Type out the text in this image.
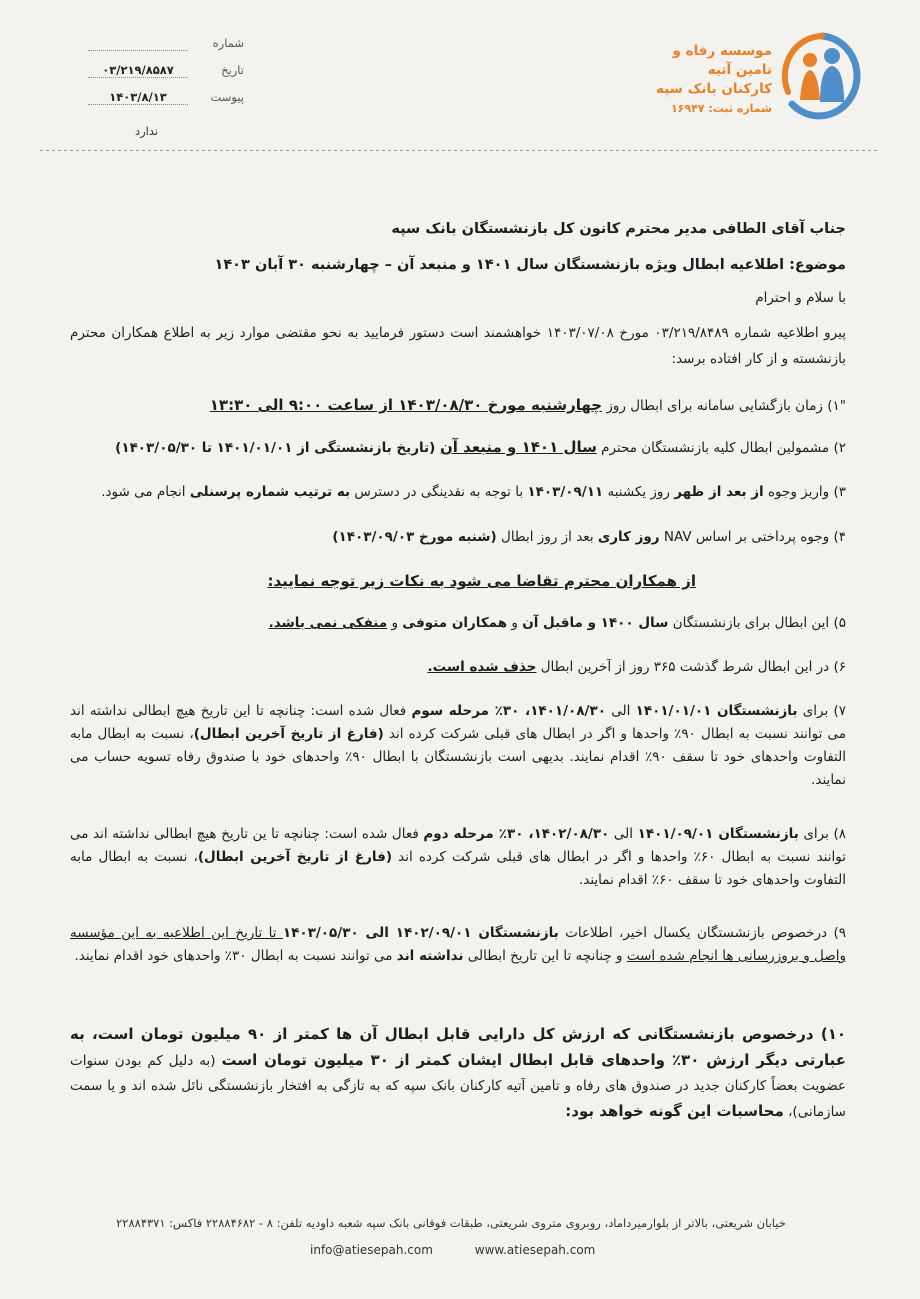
موسسه رفاه و تامین آتیه
کارکنان بانک سپه
شماره ثبت: ۱۶۹۴۷
شماره
تاریخ
۰۳/۲۱۹/۸۵۸۷
پیوست
۱۴۰۳/۸/۱۳
ندارد
جناب آقای الطافی مدیر محترم کانون کل بازنشستگان بانک سپه
موضوع: اطلاعیه ابطال ویژه بازنشستگان سال ۱۴۰۱ و منبعد آن – چهارشنبه ۳۰ آبان ۱۴۰۳
با سلام و احترام
پیرو اطلاعیه شماره ۰۳/۲۱۹/۸۴۸۹ مورخ ۱۴۰۳/۰۷/۰۸ خواهشمند است دستور فرمایید به نحو مقتضی موارد زیر به اطلاع همکاران محترم بازنشسته و از کار افتاده برسد:
"۱) زمان بازگشایی سامانه برای ابطال روز چهارشنبه مورخ ۱۴۰۳/۰۸/۳۰ از ساعت ۹:۰۰ الی ۱۳:۳۰
۲) مشمولین ابطال کلیه بازنشستگان محترم سال ۱۴۰۱ و منبعد آن (تاریخ بازنشستگی از ۱۴۰۱/۰۱/۰۱ تا ۱۴۰۳/۰۵/۳۰)
۳) واریز وجوه از بعد از ظهر روز یکشنبه ۱۴۰۳/۰۹/۱۱ با توجه به نقدینگی در دسترس به ترتیب شماره پرسنلی انجام می شود.
۴) وجوه پرداختی بر اساس NAV روز کاری بعد از روز ابطال (شنبه مورخ ۱۴۰۳/۰۹/۰۳)
از همکاران محترم تقاضا می شود به نکات زیر توجه نمایید:
۵) این ابطال برای بازنشستگان سال ۱۴۰۰ و ماقبل آن و همکاران متوفی و منفکی نمی باشد.
۶) در این ابطال شرط گذشت ۳۶۵ روز از آخرین ابطال حذف شده است.
۷) برای بازنشستگان ۱۴۰۱/۰۱/۰۱ الی ۱۴۰۱/۰۸/۳۰، ۳۰٪ مرحله سوم فعال شده است: چنانچه تا این تاریخ هیچ ابطالی نداشته اند می توانند نسبت به ابطال ۹۰٪ واحدها و اگر در ابطال های قبلی شرکت کرده اند (فارغ از تاریخ آخرین ابطال)، نسبت به ابطال مابه التفاوت واحدهای خود تا سقف ۹۰٪ اقدام نمایند. بدیهی است بازنشستگان با ابطال ۹۰٪ واحدهای خود با صندوق رفاه تسویه حساب می نمایند.
۸) برای بازنشستگان ۱۴۰۱/۰۹/۰۱ الی ۱۴۰۲/۰۸/۳۰، ۳۰٪ مرحله دوم فعال شده است: چنانچه تا ین تاریخ هیچ ابطالی نداشته اند می توانند نسبت به ابطال ۶۰٪ واحدها و اگر در ابطال های قبلی شرکت کرده اند (فارغ از تاریخ آخرین ابطال)، نسبت به ابطال مابه التفاوت واحدهای خود تا سقف ۶۰٪ اقدام نمایند.
۹) درخصوص بازنشستگان یکسال اخیر، اطلاعات بازنشستگان ۱۴۰۲/۰۹/۰۱ الی ۱۴۰۳/۰۵/۳۰ تا تاریخ این اطلاعیه به این مؤسسه واصل و بروزرسانی ها انجام شده است و چنانچه تا این تاریخ ابطالی نداشته اند می توانند نسبت به ابطال ۳۰٪ واحدهای خود اقدام نمایند.
۱۰) درخصوص بازنشستگانی که ارزش کل دارایی قابل ابطال آن ها کمتر از ۹۰ میلیون تومان است، به عبارتی دیگر ارزش ۳۰٪ واحدهای قابل ابطال ایشان کمتر از ۳۰ میلیون تومان است (به دلیل کم بودن سنوات عضویت بعضاً کارکنان جدید در صندوق های رفاه و تامین آتیه کارکنان بانک سپه که به تازگی به افتخار بازنشستگی نائل شده اند و یا سمت سازمانی)، محاسبات این گونه خواهد بود:
خیابان شریعتی، بالاتر از بلوارمیرداماد، روبروی متروی شریعتی، طبقات فوقانی بانک سپه شعبه داودیه تلفن: ۸ - ۲۲۸۸۴۶۸۲ فاکس: ۲۲۸۸۴۳۷۱
info@atiesepah.com	www.atiesepah.com
